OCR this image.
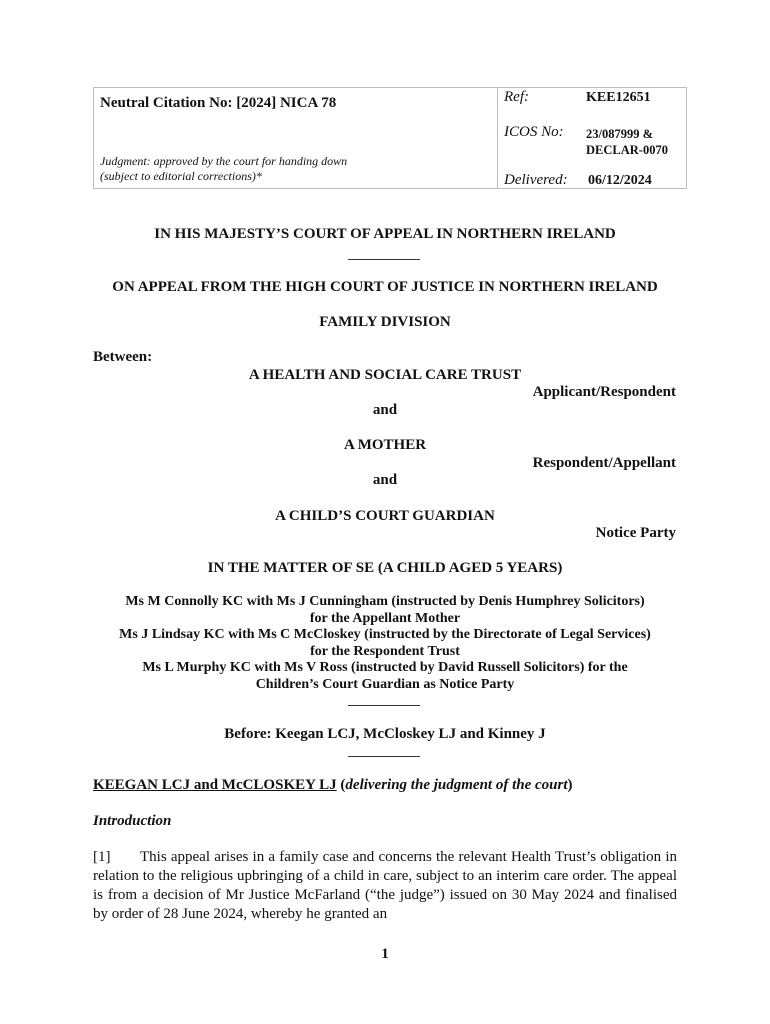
Neutral Citation No: [2024] NICA 78
Judgment: approved by the court for handing down
(subject to editorial corrections)*
Ref:	KEE12651
ICOS No: 23/087999 &
DECLAR-0070
Delivered: 06/12/2024
IN HIS MAJESTY’S COURT OF APPEAL IN NORTHERN IRELAND
ON APPEAL FROM THE HIGH COURT OF JUSTICE IN NORTHERN IRELAND
FAMILY DIVISION
Between:
A HEALTH AND SOCIAL CARE TRUST
Applicant/Respondent
and
A MOTHER
Respondent/Appellant
and
A CHILD’S COURT GUARDIAN
Notice Party
IN THE MATTER OF SE (A CHILD AGED 5 YEARS)
Ms M Connolly KC with Ms J Cunningham (instructed by Denis Humphrey Solicitors)
for the Appellant Mother
Ms J Lindsay KC with Ms C McCloskey (instructed by the Directorate of Legal Services)
for the Respondent Trust
Ms L Murphy KC with Ms V Ross (instructed by David Russell Solicitors) for the
Children’s Court Guardian as Notice Party
Before: Keegan LCJ, McCloskey LJ and Kinney J
KEEGAN LCJ and McCLOSKEY LJ (delivering the judgment of the court)
Introduction
[1] This appeal arises in a family case and concerns the relevant Health Trust’s obligation in relation to the religious upbringing of a child in care, subject to an interim care order. The appeal is from a decision of Mr Justice McFarland (“the judge”) issued on 30 May 2024 and finalised by order of 28 June 2024, whereby he granted an
1
